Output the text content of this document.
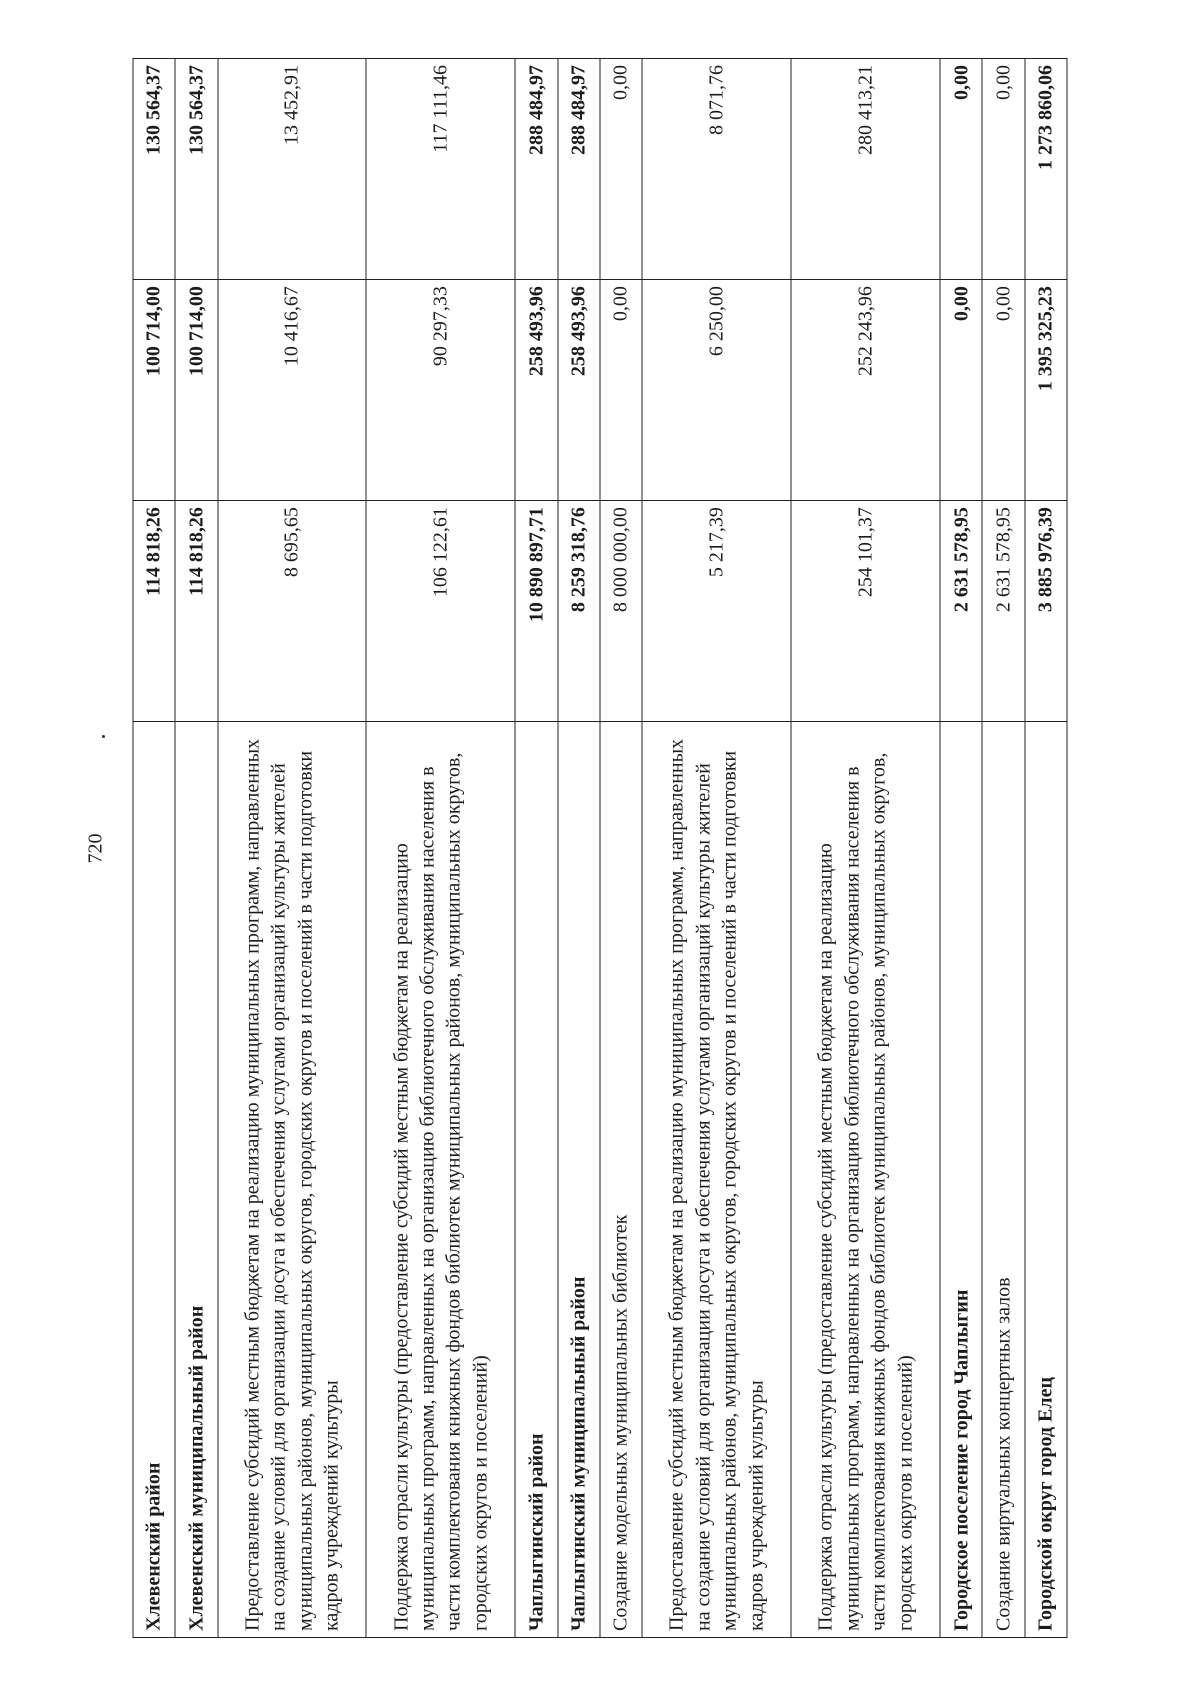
720
Хлевенский район	114 818,26	100 714,00	130 564,37
Хлевенский муниципальный район	114 818,26	100 714,00	130 564,37
Предоставление субсидий местным бюджетам на реализацию муниципальных программ, направленных на создание условий для организации досуга и обеспечения услугами организаций культуры жителей муниципальных районов, муниципальных округов, городских округов и поселений в части подготовки кадров учреждений культуры	8 695,65	10 416,67	13 452,91
Поддержка отрасли культуры (предоставление субсидий местным бюджетам на реализацию муниципальных программ, направленных на организацию библиотечного обслуживания населения в части комплектования книжных фондов библиотек муниципальных районов, муниципальных округов, городских округов и поселений)	106 122,61	90 297,33	117 111,46
Чаплыгинский район	10 890 897,71	258 493,96	288 484,97
Чаплыгинский муниципальный район	8 259 318,76	258 493,96	288 484,97
Создание модельных муниципальных библиотек	8 000 000,00	0,00	0,00
Предоставление субсидий местным бюджетам на реализацию муниципальных программ, направленных на создание условий для организации досуга и обеспечения услугами организаций культуры жителей муниципальных районов, муниципальных округов, городских округов и поселений в части подготовки кадров учреждений культуры	5 217,39	6 250,00	8 071,76
Поддержка отрасли культуры (предоставление субсидий местным бюджетам на реализацию муниципальных программ, направленных на организацию библиотечного обслуживания населения в части комплектования книжных фондов библиотек муниципальных районов, муниципальных округов, городских округов и поселений)	254 101,37	252 243,96	280 413,21
Городское поселение город Чаплыгин	2 631 578,95	0,00	0,00
Создание виртуальных концертных залов	2 631 578,95	0,00	0,00
Городской округ город Елец	3 885 976,39	1 395 325,23	1 273 860,06
